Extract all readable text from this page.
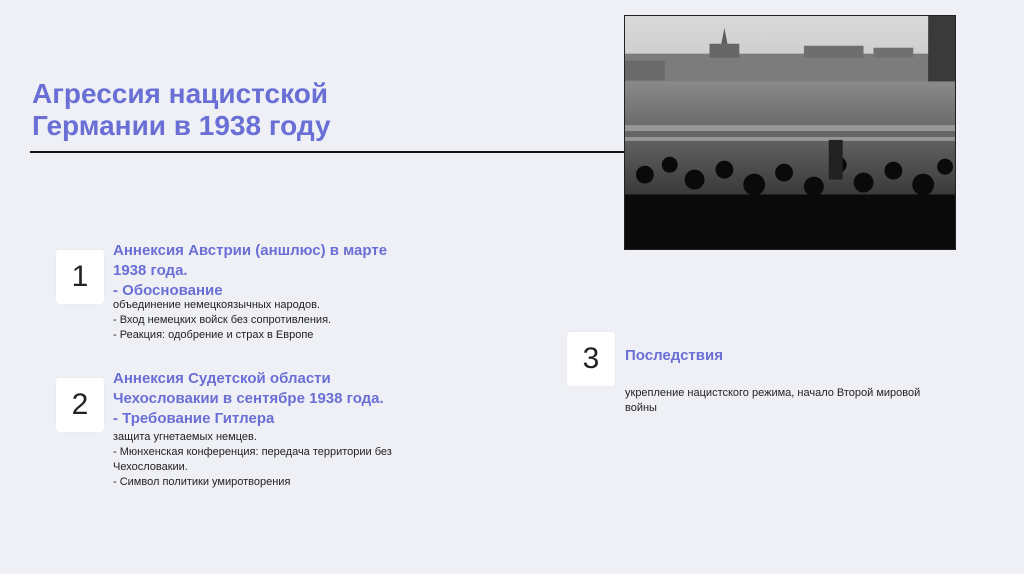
Агрессия нацистской Германии в 1938 году
1
Аннексия Австрии (аншлюс) в марте
1938 года.
- Обоснование
объединение немецкоязычных народов.
- Вход немецких войск без сопротивления.
- Реакция: одобрение и страх в Европе
2
Аннексия Судетской области
Чехословакии в сентябре 1938 года.
- Требование Гитлера
защита угнетаемых немцев.
- Мюнхенская конференция: передача территории без
Чехословакии.
- Символ политики умиротворения
3	Последствия
укрепление нацистского режима, начало Второй мировой
войны
